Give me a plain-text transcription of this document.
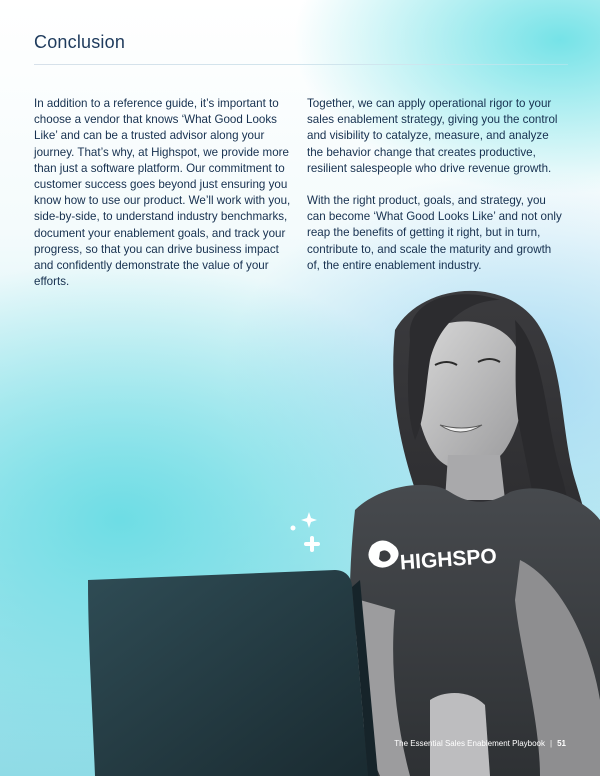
Conclusion

In addition to a reference guide, it’s important to choose a vendor that knows ‘What Good Looks Like’ and can be a trusted advisor along your journey. That’s why, at Highspot, we provide more than just a software platform. Our commitment to customer success goes beyond just ensuring you know how to use our product. We’ll work with you, side-by-side, to understand industry benchmarks, document your enablement goals, and track your progress, so that you can drive business impact and confidently demonstrate the value of your efforts.

Together, we can apply operational rigor to your sales enablement strategy, giving you the control and visibility to catalyze, measure, and analyze the behavior change that creates productive, resilient salespeople who drive revenue growth.

With the right product, goals, and strategy, you can become ‘What Good Looks Like’ and not only reap the benefits of getting it right, but in turn, contribute to, and scale the maturity and growth of, the entire enablement industry.

HIGHSPO
The Essential Sales Enablement Playbook | 51
